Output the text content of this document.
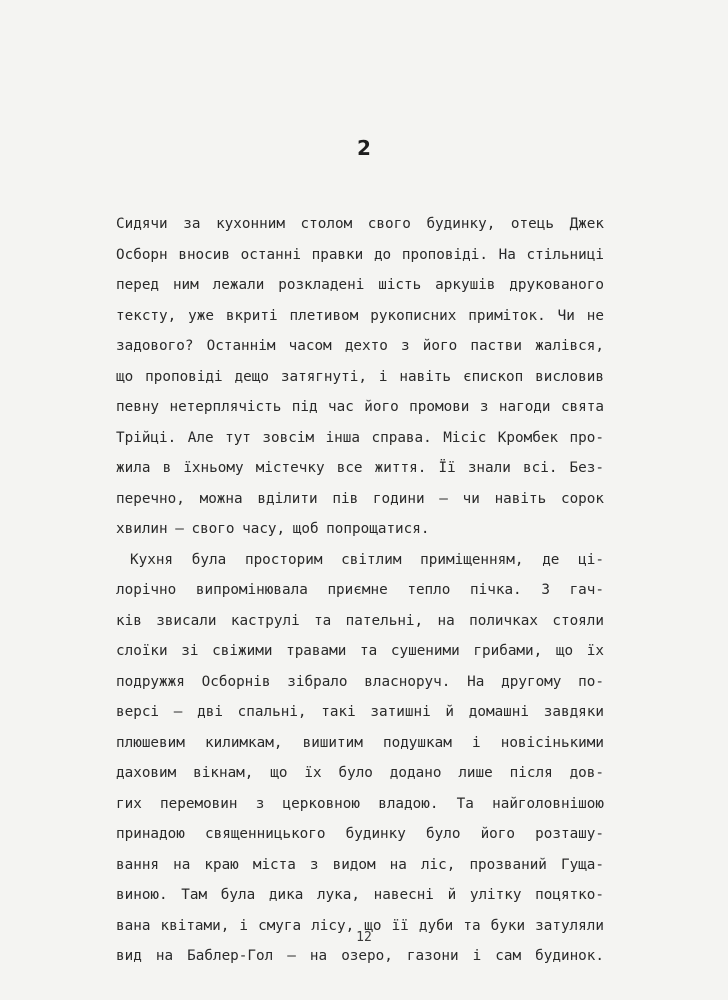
2
Сидячи за кухонним столом свого будинку, отець Джек
Осборн вносив останні правки до проповіді. На стільниці
перед ним лежали розкладені шість аркушів друкованого
тексту, уже вкриті плетивом рукописних приміток. Чи не
задового? Останнім часом дехто з його пастви жалівся,
що проповіді дещо затягнуті, і навіть єпископ висловив
певну нетерплячість під час його промови з нагоди свята
Трійці. Але тут зовсім інша справа. Місіс Кромбек про-
жила в їхньому містечку все життя. Її знали всі. Без-
перечно, можна вділити пів години — чи навіть сорок
хвилин — свого часу, щоб попрощатися.
Кухня була просторим світлим приміщенням, де ці-
лорічно випромінювала приємне тепло пічка. З гач-
ків звисали каструлі та пательні, на поличках стояли
слоїки зі свіжими травами та сушеними грибами, що їх
подружжя Осборнів зібрало власноруч. На другому по-
версі — дві спальні, такі затишні й домашні завдяки
плюшевим килимкам, вишитим подушкам і новісінькими
даховим вікнам, що їх було додано лише після дов-
гих перемовин з церковною владою. Та найголовнішою
принадою священницького будинку було його розташу-
вання на краю міста з видом на ліс, прозваний Гуща-
виною. Там була дика лука, навесні й улітку поцятко-
вана квітами, і смуга лісу, що її дуби та буки затуляли
вид на Баблер-Гол — на озеро, газони і сам будинок.
12
